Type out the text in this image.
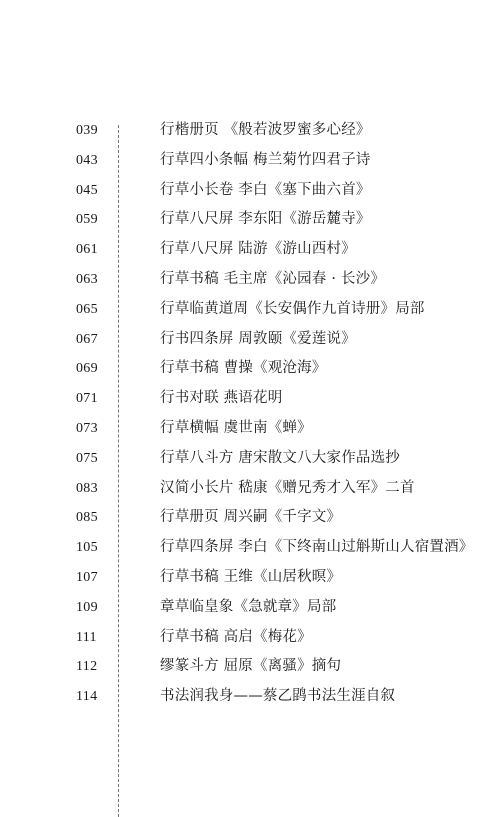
039	行楷册页 《般若波罗蜜多心经》
043	行草四小条幅 梅兰菊竹四君子诗
045	行草小长卷 李白《塞下曲六首》
059	行草八尺屏 李东阳《游岳麓寺》
061	行草八尺屏 陆游《游山西村》
063	行草书稿 毛主席《沁园春 · 长沙》
065	行草临黄道周《长安偶作九首诗册》局部
067	行书四条屏 周敦颐《爱莲说》
069	行草书稿 曹操《观沧海》
071	行书对联 燕语花明
073	行草横幅 虞世南《蝉》
075	行草八斗方 唐宋散文八大家作品选抄
083	汉简小长片 嵇康《赠兄秀才入军》二首
085	行草册页 周兴嗣《千字文》
105	行草四条屏 李白《下终南山过斛斯山人宿置酒》
107	行草书稿 王维《山居秋暝》
109	章草临皇象《急就章》局部
111	行草书稿 高启《梅花》
112	缪篆斗方 屈原《离骚》摘句
114	书法润我身——蔡乙鹍书法生涯自叙
